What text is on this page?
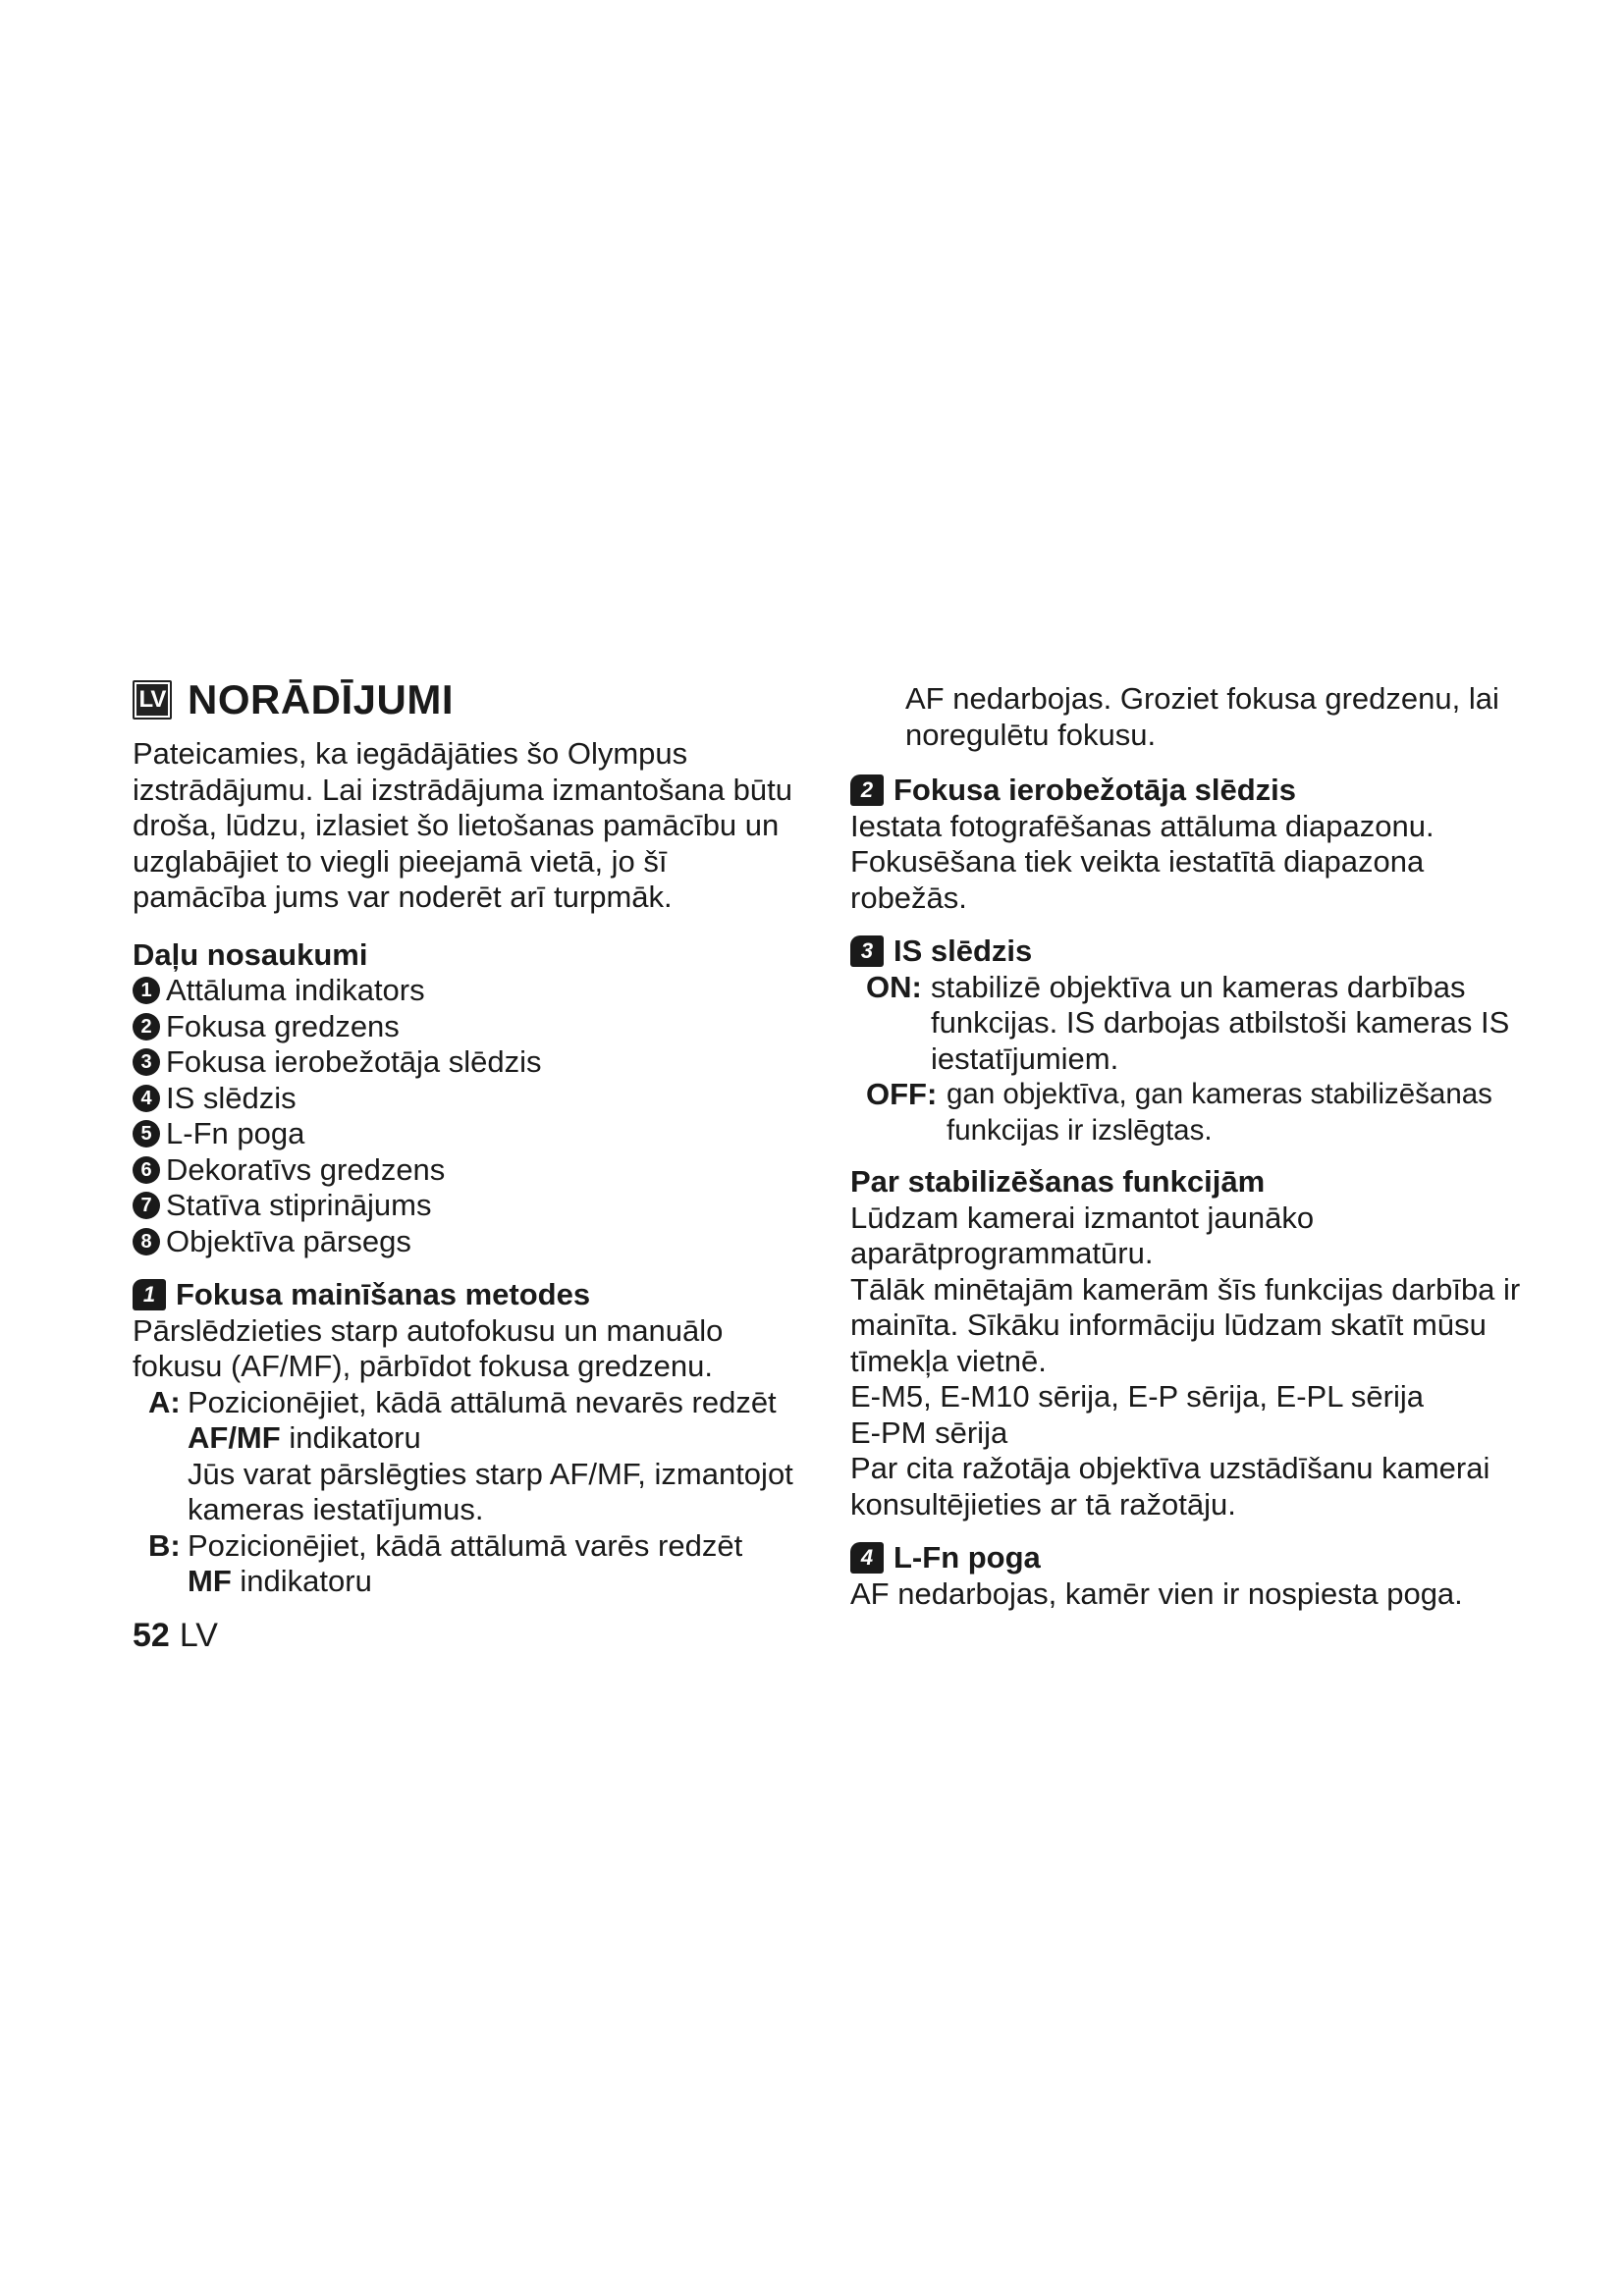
LV NORĀDĪJUMI

Pateicamies, ka iegādājāties šo Olympus izstrādājumu. Lai izstrādājuma izmantošana būtu droša, lūdzu, izlasiet šo lietošanas pamācību un uzglabājiet to viegli pieejamā vietā, jo šī pamācība jums var noderēt arī turpmāk.

Daļu nosaukumi

1 Attāluma indikators
2 Fokusa gredzens
3 Fokusa ierobežotāja slēdzis
4 IS slēdzis
5 L-Fn poga
6 Dekoratīvs gredzens
7 Statīva stiprinājums
8 Objektīva pārsegs
1 Fokusa mainīšanas metodes

Pārslēdzieties starp autofokusu un manuālo fokusu (AF/MF), pārbīdot fokusa gredzenu.

A: Pozicionējiet, kādā attālumā nevarēs redzēt
AF/MF indikatoru
Jūs varat pārslēgties starp AF/MF, izmantojot kameras iestatījumus.
B: Pozicionējiet, kādā attālumā varēs redzēt
MF indikatoru
52 LV

AF nedarbojas. Groziet fokusa gredzenu, lai noregulētu fokusu.

2 Fokusa ierobežotāja slēdzis

Iestata fotografēšanas attāluma diapazonu. Fokusēšana tiek veikta iestatītā diapazona robežās.

3 IS slēdzis
ON: stabilizē objektīva un kameras darbības funkcijas. IS darbojas atbilstoši kameras IS iestatījumiem.
OFF: gan objektīva, gan kameras stabilizēšanas funkcijas ir izslēgtas.

Par stabilizēšanas funkcijām

Lūdzam kamerai izmantot jaunāko aparātprogrammatūru.

Tālāk minētajām kamerām šīs funkcijas darbība ir mainīta. Sīkāku informāciju lūdzam skatīt mūsu tīmekļa vietnē.

E-M5, E-M10 sērija, E-P sērija, E-PL sērija

E-PM sērija

Par cita ražotāja objektīva uzstādīšanu kamerai konsultējieties ar tā ražotāju.

4 L-Fn poga

AF nedarbojas, kamēr vien ir nospiesta poga.
